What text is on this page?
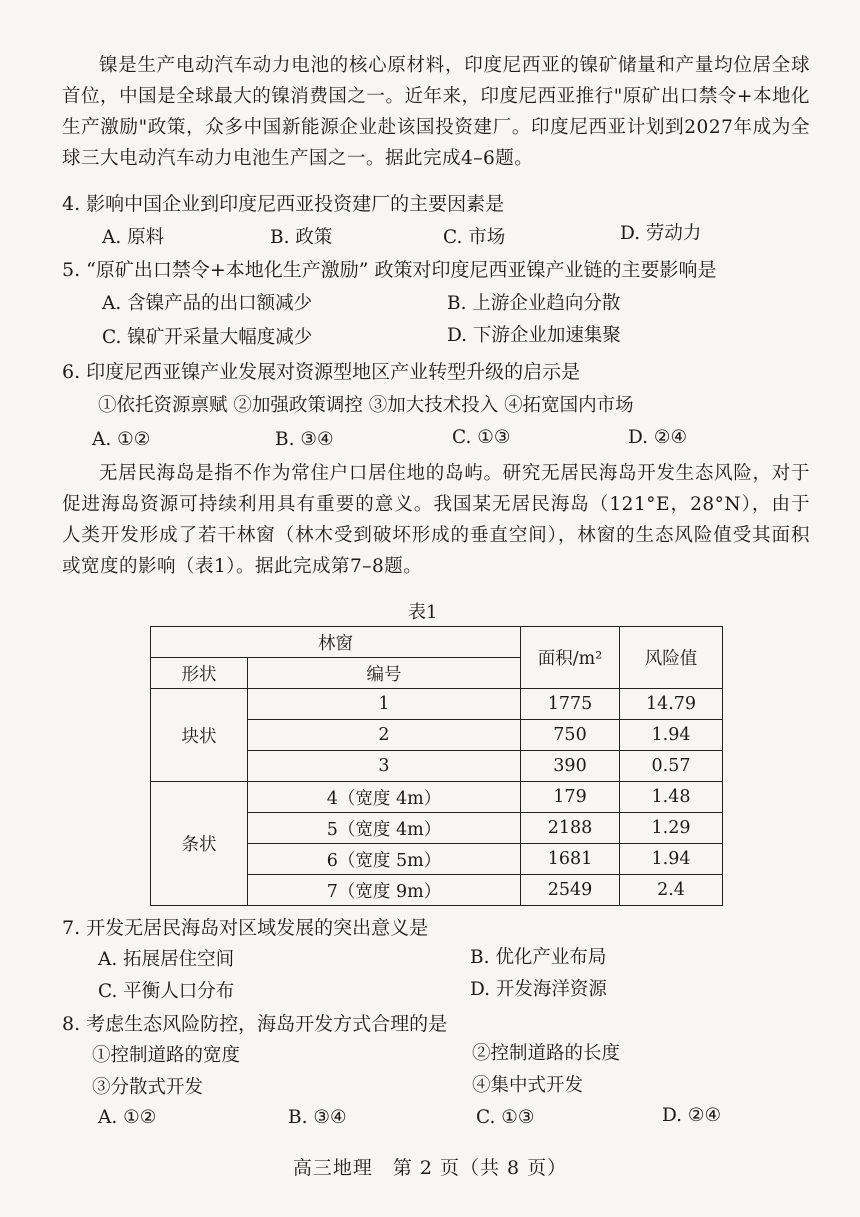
镍是生产电动汽车动力电池的核心原材料，印度尼西亚的镍矿储量和产量均位居全球首位，中国是全球最大的镍消费国之一。近年来，印度尼西亚推行"原矿出口禁令+本地化生产激励"政策，众多中国新能源企业赴该国投资建厂。印度尼西亚计划到2027年成为全球三大电动汽车动力电池生产国之一。据此完成4–6题。
4. 影响中国企业到印度尼西亚投资建厂的主要因素是
A. 原料	B. 政策	C. 市场	D. 劳动力
5. “原矿出口禁令+本地化生产激励” 政策对印度尼西亚镍产业链的主要影响是
A. 含镍产品的出口额减少	B. 上游企业趋向分散
C. 镍矿开采量大幅度减少	D. 下游企业加速集聚
6. 印度尼西亚镍产业发展对资源型地区产业转型升级的启示是
①依托资源禀赋 ②加强政策调控 ③加大技术投入 ④拓宽国内市场
A. ①②	B. ③④	C. ①③	D. ②④
无居民海岛是指不作为常住户口居住地的岛屿。研究无居民海岛开发生态风险，对于促进海岛资源可持续利用具有重要的意义。我国某无居民海岛（121°E，28°N），由于人类开发形成了若干林窗（林木受到破坏形成的垂直空间），林窗的生态风险值受其面积或宽度的影响（表1）。据此完成第7–8题。
表1
林窗		面积/m²	风险值
形状	编号		
块状	1	1775	14.79
	2	750	1.94
	3	390	0.57
条状	4（宽度 4m）	179	1.48
	5（宽度 4m）	2188	1.29
	6（宽度 5m）	1681	1.94
	7（宽度 9m）	2549	2.4
7. 开发无居民海岛对区域发展的突出意义是
A. 拓展居住空间	B. 优化产业布局
C. 平衡人口分布	D. 开发海洋资源
8. 考虑生态风险防控，海岛开发方式合理的是
①控制道路的宽度	②控制道路的长度
③分散式开发	④集中式开发
A. ①②	B. ③④	C. ①③	D. ②④
高三地理　第 2 页（共 8 页）
